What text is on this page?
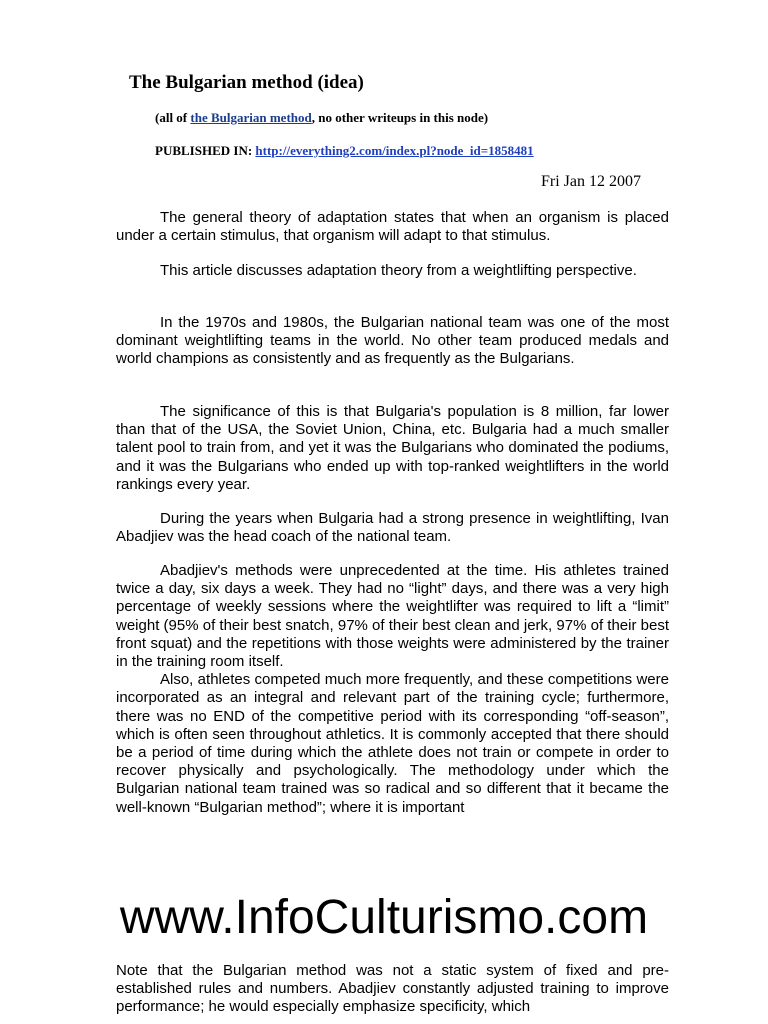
The Bulgarian method (idea)
(all of the Bulgarian method, no other writeups in this node)
PUBLISHED IN: http://everything2.com/index.pl?node_id=1858481
Fri Jan 12 2007

The general theory of adaptation states that when an organism is placed under a certain stimulus, that organism will adapt to that stimulus.

This article discusses adaptation theory from a weightlifting perspective.

In the 1970s and 1980s, the Bulgarian national team was one of the most dominant weightlifting teams in the world. No other team produced medals and world champions as consistently and as frequently as the Bulgarians.

The significance of this is that Bulgaria's population is 8 million, far lower than that of the USA, the Soviet Union, China, etc. Bulgaria had a much smaller talent pool to train from, and yet it was the Bulgarians who dominated the podiums, and it was the Bulgarians who ended up with top-ranked weightlifters in the world rankings every year.

During the years when Bulgaria had a strong presence in weightlifting, Ivan Abadjiev was the head coach of the national team.

Abadjiev's methods were unprecedented at the time. His athletes trained twice a day, six days a week. They had no “light” days, and there was a very high percentage of weekly sessions where the weightlifter was required to lift a “limit” weight (95% of their best snatch, 97% of their best clean and jerk, 97% of their best front squat) and the repetitions with those weights were administered by the trainer in the training room itself.

Also, athletes competed much more frequently, and these competitions were incorporated as an integral and relevant part of the training cycle; furthermore, there was no END of the competitive period with its corresponding “off-season”, which is often seen throughout athletics. It is commonly accepted that there should be a period of time during which the athlete does not train or compete in order to recover physically and psychologically. The methodology under which the Bulgarian national team trained was so radical and so different that it became the well-known “Bulgarian method”; where it is important

www.InfoCulturismo.com

Note that the Bulgarian method was not a static system of fixed and pre-established rules and numbers. Abadjiev constantly adjusted training to improve performance; he would especially emphasize specificity, which
